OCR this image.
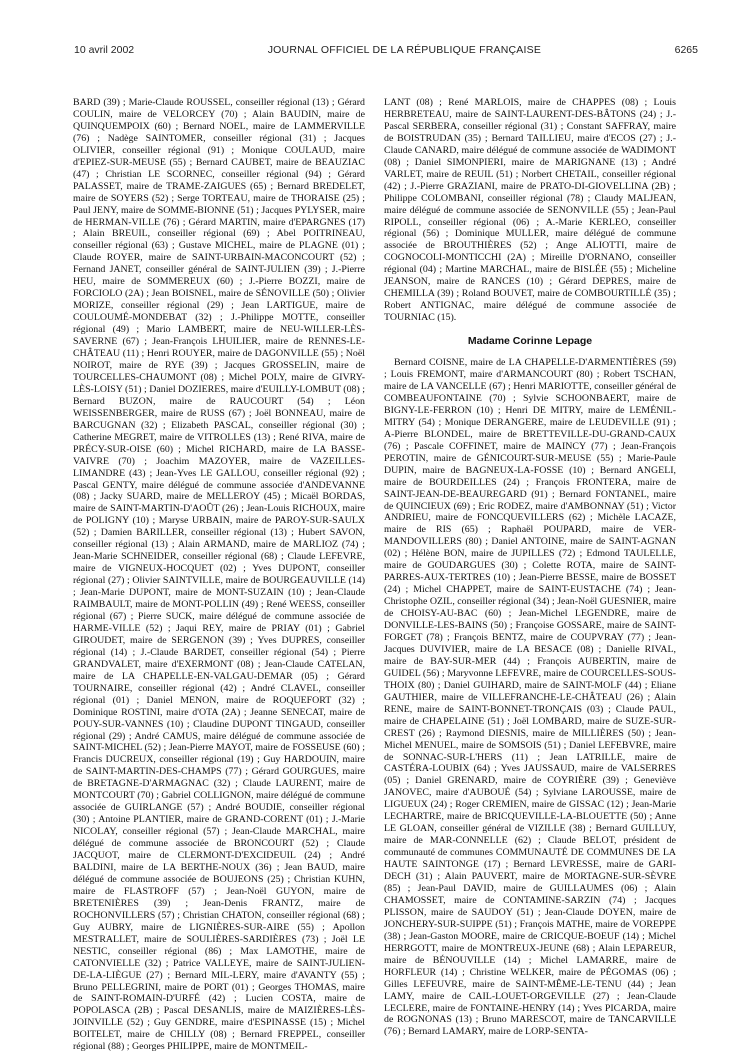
10 avril 2002	JOURNAL OFFICIEL DE LA RÉPUBLIQUE FRANÇAISE	6265

BARD (39) ; Marie-Claude ROUSSEL, conseiller régional (13) ; Gérard COULIN, maire de VELORCEY (70) ; Alain BAUDIN, maire de QUINQUEMPOIX (60) ; Bernard NOEL, maire de LAMMERVILLE (76) ; Nadège SAINTOMER, conseiller régional (31) ; Jacques OLIVIER, conseiller régional (91) ; Monique COULAUD, maire d'EPIEZ-SUR-MEUSE (55) ; Bernard CAUBET, maire de BEAUZIAC (47) ; Christian LE SCORNEC, conseiller régional (94) ; Gérard PALASSET, maire de TRAME-ZAIGUES (65) ; Bernard BREDELET, maire de SOYERS (52) ; Serge TORTEAU, maire de THORAISE (25) ; Paul JENY, maire de SOMME-BIONNE (51) ; Jacques PYLYSER, maire de HERMAN-VILLE (76) ; Gérard MARTIN, maire d'EPARGNES (17) ; Alain BREUIL, conseiller régional (69) ; Abel POITRINEAU, conseiller régional (63) ; Gustave MICHEL, maire de PLAGNE (01) ; Claude ROYER, maire de SAINT-URBAIN-MACONCOURT (52) ; Fernand JANET, conseiller général de SAINT-JULIEN (39) ; J.-Pierre HEU, maire de SOMMEREUX (60) ; J.-Pierre BOZZI, maire de FORCIOLO (2A) ; Jean BOISNEL, maire de SÉNOVILLE (50) ; Olivier MORIZE, conseiller régional (29) ; Jean LARTIGUE, maire de COULOUMÉ-MONDEBAT (32) ; J.-Philippe MOTTE, conseiller régional (49) ; Mario LAMBERT, maire de NEU-WILLER-LÈS-SAVERNE (67) ; Jean-François LHUILIER, maire de RENNES-LE-CHÂTEAU (11) ; Henri ROUYER, maire de DAGONVILLE (55) ; Noël NOIROT, maire de RYE (39) ; Jacques GROSSELIN, maire de TOURCELLES-CHAUMONT (08) ; Michel POLY, maire de GIVRY-LÈS-LOISY (51) ; Daniel DOZIERES, maire d'EUILLY-LOMBUT (08) ; Bernard BUZON, maire de RAUCOURT (54) ; Léon WEISSENBERGER, maire de RUSS (67) ; Joël BONNEAU, maire de BARCUGNAN (32) ; Elizabeth PASCAL, conseiller régional (30) ; Catherine MEGRET, maire de VITROLLES (13) ; René RIVA, maire de PRÉCY-SUR-OISE (60) ; Michel RICHARD, maire de LA BASSE-VAIVRE (70) ; Joachim MAZOYER, maire de VAZEILLES-LIMANDRE (43) ; Jean-Yves LE GALLOU, conseiller régional (92) ; Pascal GENTY, maire délégué de commune associée d'ANDEVANNE (08) ; Jacky SUARD, maire de MELLEROY (45) ; Micaël BORDAS, maire de SAINT-MARTIN-D'AOÛT (26) ; Jean-Louis RICHOUX, maire de POLIGNY (10) ; Maryse URBAIN, maire de PAROY-SUR-SAULX (52) ; Damien BARILLER, conseiller régional (13) ; Hubert SAVON, conseiller régional (13) ; Alain ARMAND, maire de MARLIOZ (74) ; Jean-Marie SCHNEIDER, conseiller régional (68) ; Claude LEFEVRE, maire de VIGNEUX-HOCQUET (02) ; Yves DUPONT, conseiller régional (27) ; Olivier SAINTVILLE, maire de BOURGEAUVILLE (14) ; Jean-Marie DUPONT, maire de MONT-SUZAIN (10) ; Jean-Claude RAIMBAULT, maire de MONT-POLLIN (49) ; René WEESS, conseiller régional (67) ; Pierre SUCK, maire délégué de commune associée de HARME-VILLE (52) ; Jaqui REY, maire de PRIAY (01) ; Gabriel GIROUDET, maire de SERGENON (39) ; Yves DUPRES, conseiller régional (14) ; J.-Claude BARDET, conseiller régional (54) ; Pierre GRANDVALET, maire d'EXERMONT (08) ; Jean-Claude CATELAN, maire de LA CHAPELLE-EN-VALGAU-DEMAR (05) ; Gérard TOURNAIRE, conseiller régional (42) ; André CLAVEL, conseiller régional (01) ; Daniel MENON, maire de ROQUEFORT (32) ; Dominique ROSTINI, maire d'OTA (2A) ; Jeanne SENECAT, maire de POUY-SUR-VANNES (10) ; Claudine DUPONT TINGAUD, conseiller régional (29) ; André CAMUS, maire délégué de commune associée de SAINT-MICHEL (52) ; Jean-Pierre MAYOT, maire de FOSSEUSE (60) ; Francis DUCREUX, conseiller régional (19) ; Guy HARDOUIN, maire de SAINT-MARTIN-DES-CHAMPS (77) ; Gérard GOURGUES, maire de BRETAGNE-D'ARMAGNAC (32) ; Claude LAURENT, maire de MONTCOURT (70) ; Gabriel COLLIGNON, maire délégué de commune associée de GUIRLANGE (57) ; André BOUDIE, conseiller régional (30) ; Antoine PLANTIER, maire de GRAND-CORENT (01) ; J.-Marie NICOLAY, conseiller régional (57) ; Jean-Claude MARCHAL, maire délégué de commune associée de BRONCOURT (52) ; Claude JACQUOT, maire de CLERMONT-D'EXCIDEUIL (24) ; André BALDINI, maire de LA BERTHE-NOUX (36) ; Jean BAUD, maire délégué de commune associée de BOUJEONS (25) ; Christian KUHN, maire de FLASTROFF (57) ; Jean-Noël GUYON, maire de BRETENIÈRES (39) ; Jean-Denis FRANTZ, maire de ROCHONVILLERS (57) ; Christian CHATON, conseiller régional (68) ; Guy AUBRY, maire de LIGNIÈRES-SUR-AIRE (55) ; Apollon MESTRALLET, maire de SOULIÈRES-SARDIÈRES (73) ; Joël LE NESTIC, conseiller régional (86) ; Max LAMOTHE, maire de CATONVIELLE (32) ; Patrice VALLEYE, maire de SAINT-JULIEN-DE-LA-LIÈGUE (27) ; Bernard MIL-LERY, maire d'AVANTY (55) ; Bruno PELLEGRINI, maire de PORT (01) ; Georges THOMAS, maire de SAINT-ROMAIN-D'URFÉ (42) ; Lucien COSTA, maire de POPOLASCA (2B) ; Pascal DESANLIS, maire de MAIZIÈRES-LÈS-JOINVILLE (52) ; Guy GENDRE, maire d'ESPINASSE (15) ; Michel BOITELET, maire de CHILLY (08) ; Bernard FREPPEL, conseiller régional (88) ; Georges PHILIPPE, maire de MONTMEIL-

LANT (08) ; René MARLOIS, maire de CHAPPES (08) ; Louis HERBRETEAU, maire de SAINT-LAURENT-DES-BÂTONS (24) ; J.-Pascal SERBERA, conseiller régional (31) ; Constant SAFFRAY, maire de BOISTRUDAN (35) ; Bernard TAILLIEU, maire d'ECOS (27) ; J.-Claude CANARD, maire délégué de commune associée de WADIMONT (08) ; Daniel SIMONPIERI, maire de MARIGNANE (13) ; André VARLET, maire de REUIL (51) ; Norbert CHETAIL, conseiller régional (42) ; J.-Pierre GRAZIANI, maire de PRATO-DI-GIOVELLINA (2B) ; Philippe COLOMBANI, conseiller régional (78) ; Claudy MALJEAN, maire délégué de commune associée de SENONVILLE (55) ; Jean-Paul RIPOLL, conseiller régional (06) ; A.-Marie KERLEO, conseiller régional (56) ; Dominique MULLER, maire délégué de commune associée de BROUTHIÈRES (52) ; Ange ALIOTTI, maire de COGNOCOLI-MONTICCHI (2A) ; Mireille D'ORNANO, conseiller régional (04) ; Martine MARCHAL, maire de BISLÉE (55) ; Micheline JEANSON, maire de RANCES (10) ; Gérard DEPRES, maire de CHEMILLA (39) ; Roland BOUVET, maire de COMBOURTILLÉ (35) ; Robert ANTIGNAC, maire délégué de commune associée de TOURNIAC (15).

Madame Corinne Lepage

Bernard COISNE, maire de LA CHAPELLE-D'ARMENTIÈRES (59) ; Louis FREMONT, maire d'ARMANCOURT (80) ; Robert TSCHAN, maire de LA VANCELLE (67) ; Henri MARIOTTE, conseiller général de COMBEAUFONTAINE (70) ; Sylvie SCHOONBAERT, maire de BIGNY-LE-FERRON (10) ; Henri DE MITRY, maire de LEMÉNIL-MITRY (54) ; Monique DERANGERE, maire de LEUDEVILLE (91) ; A-Pierre BLONDEL, maire de BRETTEVILLE-DU-GRAND-CAUX (76) ; Pascale COFFINET, maire de MAINCY (77) ; Jean-François PEROTIN, maire de GÉNICOURT-SUR-MEUSE (55) ; Marie-Paule DUPIN, maire de BAGNEUX-LA-FOSSE (10) ; Bernard ANGELI, maire de BOURDEILLES (24) ; François FRONTERA, maire de SAINT-JEAN-DE-BEAUREGARD (91) ; Bernard FONTANEL, maire de QUINCIEUX (69) ; Eric RODEZ, maire d'AMBONNAY (51) ; Victor ANDRIEU, maire de FONCQUEVILLERS (62) ; Michèle LACAZE, maire de RIS (65) ; Raphaël POUPARD, maire de VER-MANDOVILLERS (80) ; Daniel ANTOINE, maire de SAINT-AGNAN (02) ; Hélène BON, maire de JUPILLES (72) ; Edmond TAULELLE, maire de GOUDARGUES (30) ; Colette ROTA, maire de SAINT-PARRES-AUX-TERTRES (10) ; Jean-Pierre BESSE, maire de BOSSET (24) ; Michel CHAPPET, maire de SAINT-EUSTACHE (74) ; Jean-Christophe OZIL, conseiller régional (34) ; Jean-Noël GUESNIER, maire de CHOISY-AU-BAC (60) ; Jean-Michel LEGENDRE, maire de DONVILLE-LES-BAINS (50) ; Françoise GOSSARE, maire de SAINT-FORGET (78) ; François BENTZ, maire de COUPVRAY (77) ; Jean-Jacques DUVIVIER, maire de LA BESACE (08) ; Danielle RIVAL, maire de BAY-SUR-MER (44) ; François AUBERTIN, maire de GUIDEL (56) ; Maryvonne LEFEVRE, maire de COURCELLES-SOUS-THOIX (80) ; Daniel GUIHARD, maire de SAINT-MOLF (44) ; Eliane GAUTHIER, maire de VILLEFRANCHE-LE-CHÂTEAU (26) ; Alain RENE, maire de SAINT-BONNET-TRONÇAIS (03) ; Claude PAUL, maire de CHAPELAINE (51) ; Joël LOMBARD, maire de SUZE-SUR-CREST (26) ; Raymond DIESNIS, maire de MILLIÈRES (50) ; Jean-Michel MENUEL, maire de SOMSOIS (51) ; Daniel LEFEBVRE, maire de SONNAC-SUR-L'HERS (11) ; Jean LATRILLE, maire de CASTÉRA-LOUBIX (64) ; Yves JAUSSAUD, maire de VALSERRES (05) ; Daniel GRENARD, maire de COYRIÈRE (39) ; Geneviève JANOVEC, maire d'AUBOUÉ (54) ; Sylviane LAROUSSE, maire de LIGUEUX (24) ; Roger CREMIEN, maire de GISSAC (12) ; Jean-Marie LECHARTRE, maire de BRICQUEVILLE-LA-BLOUETTE (50) ; Anne LE GLOAN, conseiller général de VIZILLE (38) ; Bernard GUILLUY, maire de MAR-CONNELLE (62) ; Claude BELOT, président de communauté de communes COMMUNAUTÉ DE COMMUNES DE LA HAUTE SAINTONGE (17) ; Bernard LEVRESSE, maire de GARI-DECH (31) ; Alain PAUVERT, maire de MORTAGNE-SUR-SÈVRE (85) ; Jean-Paul DAVID, maire de GUILLAUMES (06) ; Alain CHAMOSSET, maire de CONTAMINE-SARZIN (74) ; Jacques PLISSON, maire de SAUDOY (51) ; Jean-Claude DOYEN, maire de JONCHERY-SUR-SUIPPE (51) ; François MATHE, maire de VOREPPE (38) ; Jean-Gaston MOORE, maire de CRICQUE-BOEUF (14) ; Michel HERRGOTT, maire de MONTREUX-JEUNE (68) ; Alain LEPAREUR, maire de BÉNOUVILLE (14) ; Michel LAMARRE, maire de HORFLEUR (14) ; Christine WELKER, maire de PÉGOMAS (06) ; Gilles LEFEUVRE, maire de SAINT-MÊME-LE-TENU (44) ; Jean LAMY, maire de CAIL-LOUET-ORGEVILLE (27) ; Jean-Claude LECLERE, maire de FONTAINE-HENRY (14) ; Yves PICARDA, maire de ROGNONAS (13) ; Bruno MARESCOT, maire de TANCARVILLE (76) ; Bernard LAMARY, maire de LORP-SENTA-
